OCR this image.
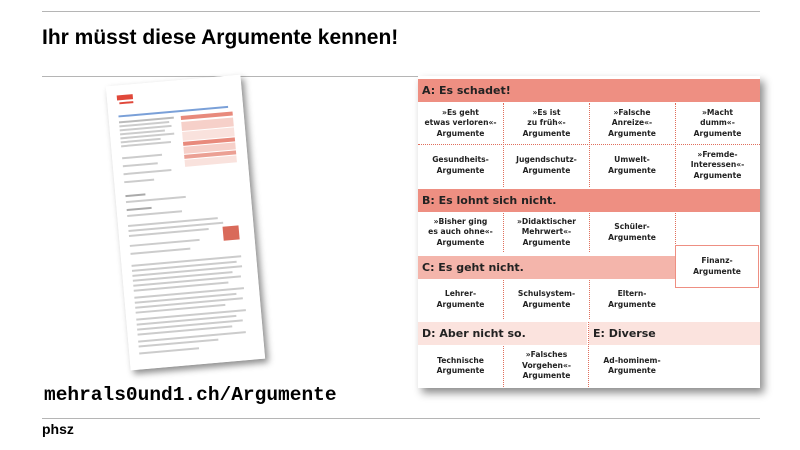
Ihr müsst diese Argumente kennen!
A: Es schadet!
»Es geht
etwas verloren«-
Argumente
»Es ist
zu früh«-
Argumente
»Falsche
Anreize«-
Argumente
»Macht
dumm«-
Argumente
Gesundheits-
Argumente
Jugendschutz-
Argumente
Umwelt-
Argumente
»Fremde-
Interessen«-
Argumente
B: Es lohnt sich nicht.
»Bisher ging
es auch ohne«-
Argumente
»Didaktischer
Mehrwert«-
Argumente
Schüler-
Argumente
C: Es geht nicht.
Finanz-
Argumente
Lehrer-
Argumente
Schulsystem-
Argumente
Eltern-
Argumente
D: Aber nicht so.	E: Diverse
Technische
Argumente
»Falsches
Vorgehen«-
Argumente
Ad-hominem-
Argumente
mehrals0und1.ch/Argumente
phsz
